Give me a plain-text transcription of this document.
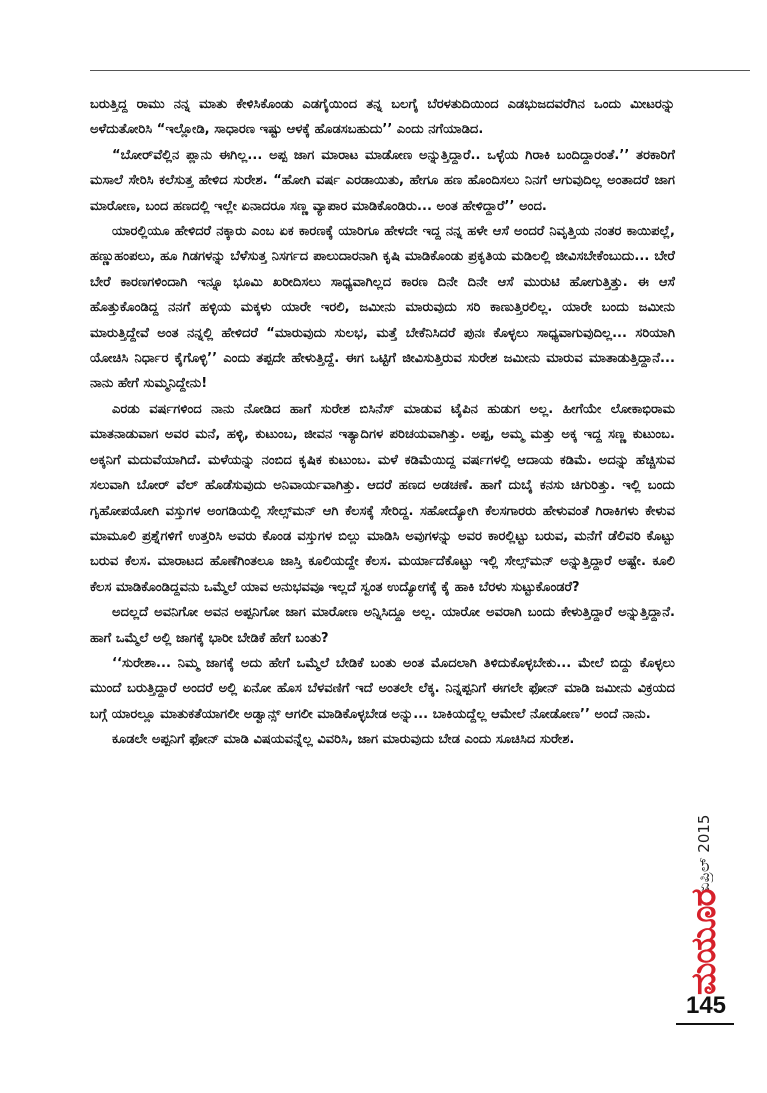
ಬರುತ್ತಿದ್ದ ರಾಮು ನನ್ನ ಮಾತು ಕೇಳಿಸಿಕೊಂಡು ಎಡಗೈಯಿಂದ ತನ್ನ ಬಲಗೈ ಬೆರಳತುದಿಯಿಂದ ಎಡಭುಜದವರೆಗಿನ ಒಂದು ಮೀಟರನ್ನು ಅಳೆದುತೋರಿಸಿ “ಇಲ್ಲೋಡಿ, ಸಾಧಾರಣ ಇಷ್ಟು ಆಳಕ್ಕೆ ಹೊಡಸಬಹುದು’’ ಎಂದು ನಗೆಯಾಡಿದ.

“ಬೋರ್‌ವೆಲ್ಲಿನ ಪ್ಲಾನು ಈಗಿಲ್ಲ... ಅಪ್ಪ ಜಾಗ ಮಾರಾಟ ಮಾಡೋಣ ಅನ್ನುತ್ತಿದ್ದಾರೆ.. ಒಳ್ಳೆಯ ಗಿರಾಕಿ ಬಂದಿದ್ದಾರಂತೆ.’’ ತರಕಾರಿಗೆ ಮಸಾಲೆ ಸೇರಿಸಿ ಕಲೆಸುತ್ತ ಹೇಳಿದ ಸುರೇಶ. “ಹೋಗಿ ವರ್ಷ ಎರಡಾಯಿತು, ಹೇಗೂ ಹಣ ಹೊಂದಿಸಲು ನಿನಗೆ ಆಗುವುದಿಲ್ಲ ಅಂತಾದರೆ ಜಾಗ ಮಾರೋಣ, ಬಂದ ಹಣದಲ್ಲಿ ಇಲ್ಲೇ ಏನಾದರೂ ಸಣ್ಣ ವ್ಯಾಪಾರ ಮಾಡಿಕೊಂಡಿರು... ಅಂತ ಹೇಳಿದ್ದಾರೆ’’ ಅಂದ.

ಯಾರಲ್ಲಿಯೂ ಹೇಳಿದರೆ ನಕ್ಕಾರು ಎಂಬ ಏಕ ಕಾರಣಕ್ಕೆ ಯಾರಿಗೂ ಹೇಳದೇ ಇದ್ದ ನನ್ನ ಹಳೇ ಆಸೆ ಅಂದರೆ ನಿವೃತ್ತಿಯ ನಂತರ ಕಾಯಿಪಲ್ಲೆ, ಹಣ್ಣುಹಂಪಲು, ಹೂ ಗಿಡಗಳನ್ನು ಬೆಳೆಸುತ್ತ ನಿಸರ್ಗದ ಪಾಲುದಾರನಾಗಿ ಕೃಷಿ ಮಾಡಿಕೊಂಡು ಪ್ರಕೃತಿಯ ಮಡಿಲಲ್ಲಿ ಜೀವಿಸಬೇಕೆಂಬುದು... ಬೇರೆ ಬೇರೆ ಕಾರಣಗಳಿಂದಾಗಿ ಇನ್ನೂ ಭೂಮಿ ಖರೀದಿಸಲು ಸಾಧ್ಯವಾಗಿಲ್ಲದ ಕಾರಣ ದಿನೇ ದಿನೇ ಆಸೆ ಮುರುಟಿ ಹೋಗುತ್ತಿತ್ತು. ಈ ಆಸೆ ಹೊತ್ತುಕೊಂಡಿದ್ದ ನನಗೆ ಹಳ್ಳಿಯ ಮಕ್ಕಳು ಯಾರೇ ಇರಲಿ, ಜಮೀನು ಮಾರುವುದು ಸರಿ ಕಾಣುತ್ತಿರಲಿಲ್ಲ. ಯಾರೇ ಬಂದು ಜಮೀನು ಮಾರುತ್ತಿದ್ದೇವೆ ಅಂತ ನನ್ನಲ್ಲಿ ಹೇಳಿದರೆ “ಮಾರುವುದು ಸುಲಭ, ಮತ್ತೆ ಬೇಕೆನಿಸಿದರೆ ಪುನಃ ಕೊಳ್ಳಲು ಸಾಧ್ಯವಾಗುವುದಿಲ್ಲ... ಸರಿಯಾಗಿ ಯೋಚಿಸಿ ನಿರ್ಧಾರ ಕೈಗೊಳ್ಳಿ’’ ಎಂದು ತಪ್ಪದೇ ಹೇಳುತ್ತಿದ್ದೆ. ಈಗ ಒಟ್ಟಿಗೆ ಜೀವಿಸುತ್ತಿರುವ ಸುರೇಶ ಜಮೀನು ಮಾರುವ ಮಾತಾಡುತ್ತಿದ್ದಾನೆ... ನಾನು ಹೇಗೆ ಸುಮ್ಮನಿದ್ದೇನು!

ಎರಡು ವರ್ಷಗಳಿಂದ ನಾನು ನೋಡಿದ ಹಾಗೆ ಸುರೇಶ ಬಿಸಿನೆಸ್ ಮಾಡುವ ಟೈಪಿನ ಹುಡುಗ ಅಲ್ಲ. ಹೀಗೆಯೇ ಲೋಕಾಭಿರಾಮ ಮಾತನಾಡುವಾಗ ಅವರ ಮನೆ, ಹಳ್ಳಿ, ಕುಟುಂಬ, ಜೀವನ ಇತ್ಯಾದಿಗಳ ಪರಿಚಯವಾಗಿತ್ತು. ಅಪ್ಪ, ಅಮ್ಮ ಮತ್ತು ಅಕ್ಕ ಇದ್ದ ಸಣ್ಣ ಕುಟುಂಬ. ಅಕ್ಕನಿಗೆ ಮದುವೆಯಾಗಿದೆ. ಮಳೆಯನ್ನು ನಂಬಿದ ಕೃಷಿಕ ಕುಟುಂಬ. ಮಳೆ ಕಡಿಮೆಯಿದ್ದ ವರ್ಷಗಳಲ್ಲಿ ಆದಾಯ ಕಡಿಮೆ. ಅದನ್ನು ಹೆಚ್ಚಿಸುವ ಸಲುವಾಗಿ ಬೋರ್ ವೆಲ್ ಹೊಡೆಸುವುದು ಅನಿವಾರ್ಯವಾಗಿತ್ತು. ಆದರೆ ಹಣದ ಅಡಚಣೆ. ಹಾಗೆ ದುಬೈ ಕನಸು ಚಿಗುರಿತ್ತು. ಇಲ್ಲಿ ಬಂದು ಗೃಹೋಪಯೋಗಿ ವಸ್ತುಗಳ ಅಂಗಡಿಯಲ್ಲಿ ಸೇಲ್ಸ್‌ಮನ್ ಆಗಿ ಕೆಲಸಕ್ಕೆ ಸೇರಿದ್ದ. ಸಹೋದ್ಯೋಗಿ ಕೆಲಸಗಾರರು ಹೇಳುವಂತೆ ಗಿರಾಕಿಗಳು ಕೇಳುವ ಮಾಮೂಲಿ ಪ್ರಶ್ನೆಗಳಿಗೆ ಉತ್ತರಿಸಿ ಅವರು ಕೊಂಡ ವಸ್ತುಗಳ ಬಿಲ್ಲು ಮಾಡಿಸಿ ಅವುಗಳನ್ನು ಅವರ ಕಾರಲ್ಲಿಟ್ಟು ಬರುವ, ಮನೆಗೆ ಡೆಲಿವರಿ ಕೊಟ್ಟು ಬರುವ ಕೆಲಸ. ಮಾರಾಟದ ಹೊಣೆಗಿಂತಲೂ ಜಾಸ್ತಿ ಕೂಲಿಯದ್ದೇ ಕೆಲಸ. ಮರ್ಯಾದೆಕೊಟ್ಟು ಇಲ್ಲಿ ಸೇಲ್ಸ್‌ಮನ್ ಅನ್ನುತ್ತಿದ್ದಾರೆ ಅಷ್ಟೇ. ಕೂಲಿ ಕೆಲಸ ಮಾಡಿಕೊಂಡಿದ್ದವನು ಒಮ್ಮೆಲೆ ಯಾವ ಅನುಭವವೂ ಇಲ್ಲದೆ ಸ್ವಂತ ಉದ್ಯೋಗಕ್ಕೆ ಕೈ ಹಾಕಿ ಬೆರಳು ಸುಟ್ಟುಕೊಂಡರೆ?

ಅದಲ್ಲದೆ ಅವನಿಗೋ ಅವನ ಅಪ್ಪನಿಗೋ ಜಾಗ ಮಾರೋಣ ಅನ್ನಿಸಿದ್ದೂ ಅಲ್ಲ. ಯಾರೋ ಅವರಾಗಿ ಬಂದು ಕೇಳುತ್ತಿದ್ದಾರೆ ಅನ್ನುತ್ತಿದ್ದಾನೆ. ಹಾಗೆ ಒಮ್ಮೆಲೆ ಅಲ್ಲಿ ಜಾಗಕ್ಕೆ ಭಾರೀ ಬೇಡಿಕೆ ಹೇಗೆ ಬಂತು?

‘‘ಸುರೇಶಾ... ನಿಮ್ಮ ಜಾಗಕ್ಕೆ ಅದು ಹೇಗೆ ಒಮ್ಮೆಲೆ ಬೇಡಿಕೆ ಬಂತು ಅಂತ ಮೊದಲಾಗಿ ತಿಳಿದುಕೊಳ್ಳಬೇಕು... ಮೇಲೆ ಬಿದ್ದು ಕೊಳ್ಳಲು ಮುಂದೆ ಬರುತ್ತಿದ್ದಾರೆ ಅಂದರೆ ಅಲ್ಲಿ ಏನೋ ಹೊಸ ಬೆಳವಣಿಗೆ ಇದೆ ಅಂತಲೇ ಲೆಕ್ಕ. ನಿನ್ನಪ್ಪನಿಗೆ ಈಗಲೇ ಫೋನ್ ಮಾಡಿ ಜಮೀನು ವಿಕ್ರಯದ ಬಗ್ಗೆ ಯಾರಲ್ಲೂ ಮಾತುಕತೆಯಾಗಲೀ ಅಡ್ವಾನ್ಸ್ ಆಗಲೀ ಮಾಡಿಕೊಳ್ಳಬೇಡ ಅನ್ನು... ಬಾಕಿಯದ್ದೆಲ್ಲ ಆಮೇಲೆ ನೋಡೋಣ’’ ಅಂದೆ ನಾನು.

ಕೂಡಲೇ ಅಪ್ಪನಿಗೆ ಫೋನ್ ಮಾಡಿ ವಿಷಯವನ್ನೆಲ್ಲ ವಿವರಿಸಿ, ಜಾಗ ಮಾರುವುದು ಬೇಡ ಎಂದು ಸೂಚಿಸಿದ ಸುರೇಶ.

ಏಪ್ರಿಲ್ 2015
ಮಯೂರ
145
